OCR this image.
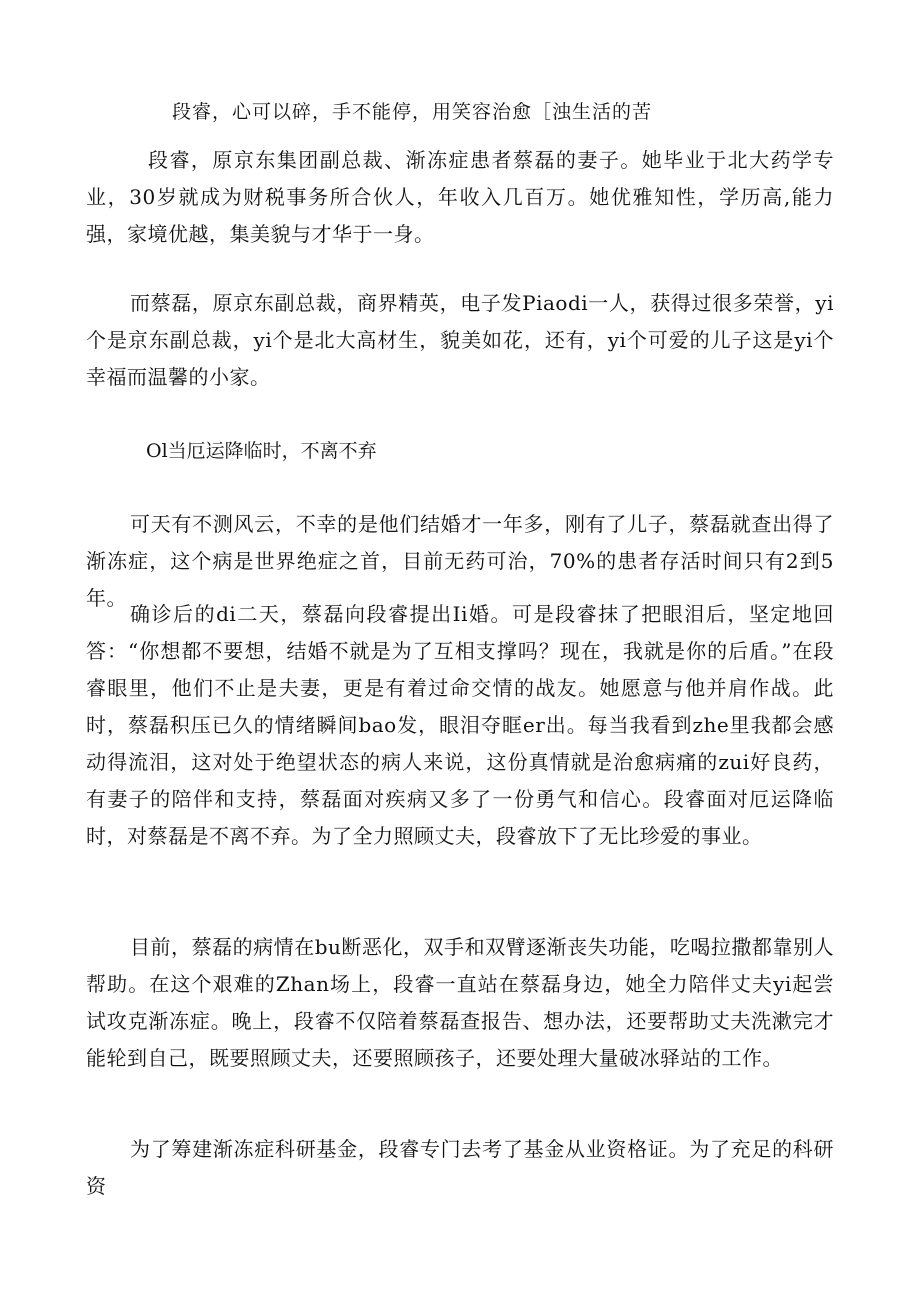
段睿，心可以碎，手不能停，用笑容治愈［浊生活的苦

段睿，原京东集团副总裁、渐冻症患者蔡磊的妻子。她毕业于北大药学专业，30岁就成为财税事务所合伙人，年收入几百万。她优雅知性，学历高,能力强，家境优越，集美貌与才华于一身。

而蔡磊，原京东副总裁，商界精英，电子发Piaodi一人，获得过很多荣誉，yi个是京东副总裁，yi个是北大高材生，貌美如花，还有，yi个可爱的儿子这是yi个幸福而温馨的小家。

Ol当厄运降临时，不离不弃

可天有不测风云，不幸的是他们结婚才一年多，刚有了儿子，蔡磊就查出得了渐冻症，这个病是世界绝症之首，目前无药可治，70%的患者存活时间只有2到5年。

确诊后的di二天，蔡磊向段睿提出Ii婚。可是段睿抹了把眼泪后，坚定地回答：“你想都不要想，结婚不就是为了互相支撑吗？现在，我就是你的后盾。”在段睿眼里，他们不止是夫妻，更是有着过命交情的战友。她愿意与他并肩作战。此时，蔡磊积压已久的情绪瞬间bao发，眼泪夺眶er出。每当我看到zhe里我都会感动得流泪，这对处于绝望状态的病人来说，这份真情就是治愈病痛的zui好良药，有妻子的陪伴和支持，蔡磊面对疾病又多了一份勇气和信心。段睿面对厄运降临时，对蔡磊是不离不弃。为了全力照顾丈夫，段睿放下了无比珍爱的事业。

目前，蔡磊的病情在bu断恶化，双手和双臂逐渐丧失功能，吃喝拉撒都靠别人帮助。在这个艰难的Zhan场上，段睿一直站在蔡磊身边，她全力陪伴丈夫yi起尝试攻克渐冻症。晚上，段睿不仅陪着蔡磊查报告、想办法，还要帮助丈夫洗漱完才能轮到自己，既要照顾丈夫，还要照顾孩子，还要处理大量破冰驿站的工作。

为了筹建渐冻症科研基金，段睿专门去考了基金从业资格证。为了充足的科研资
